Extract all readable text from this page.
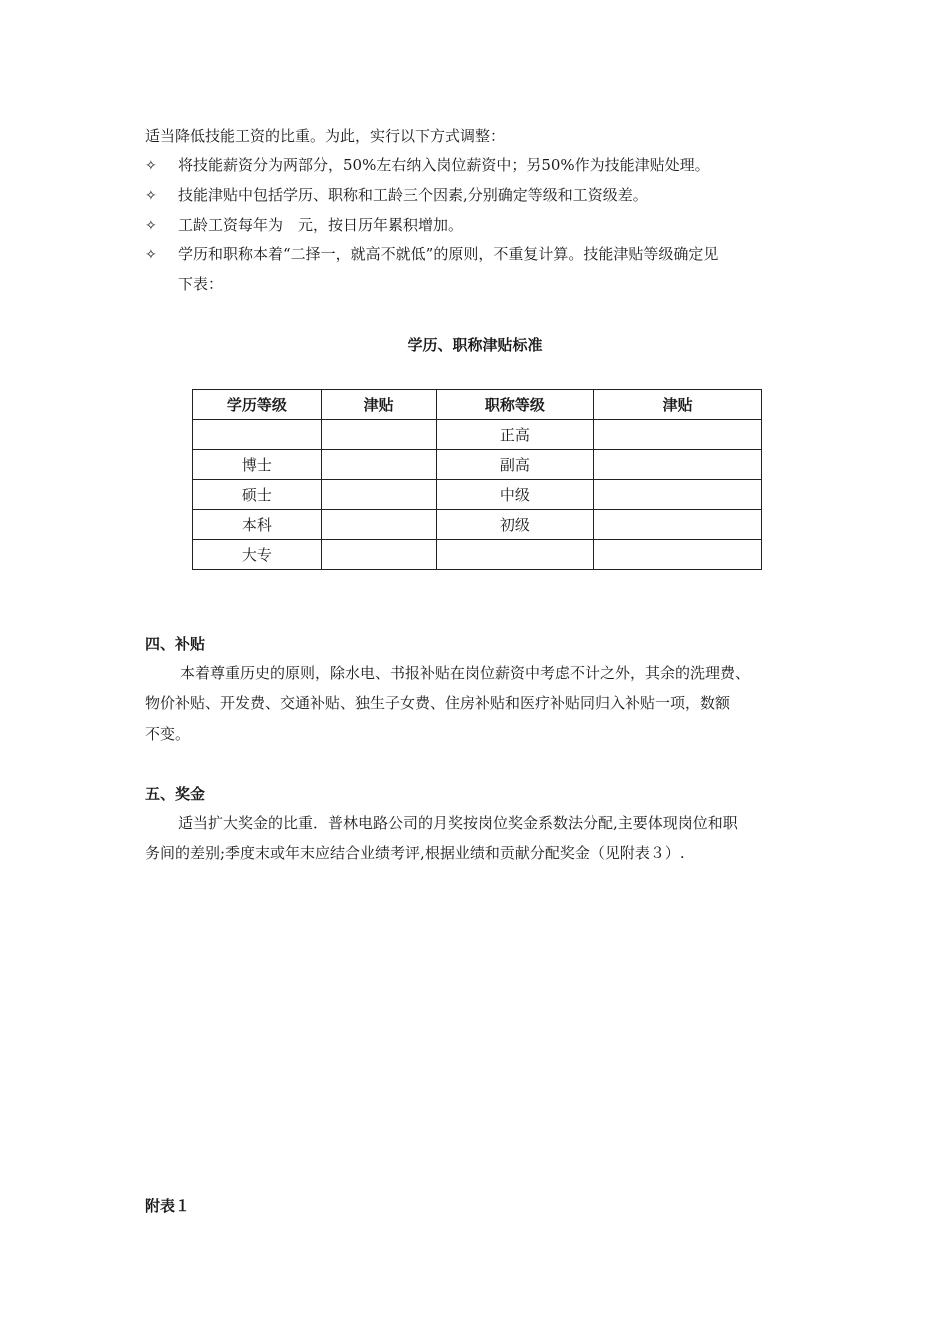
适当降低技能工资的比重。为此，实行以下方式调整：
✧ 将技能薪资分为两部分，50%左右纳入岗位薪资中；另50%作为技能津贴处理。
✧ 技能津贴中包括学历、职称和工龄三个因素,分别确定等级和工资级差。
✧ 工龄工资每年为　元，按日历年累积增加。
✧ 学历和职称本着“二择一，就高不就低”的原则，不重复计算。技能津贴等级确定见
下表：
学历、职称津贴标准
学历等级	津贴	职称等级	津贴
		正高	
博士		副高	
硕士		中级	
本科		初级	
大专			
四、补贴
本着尊重历史的原则，除水电、书报补贴在岗位薪资中考虑不计之外，其余的洗理费、
物价补贴、开发费、交通补贴、独生子女费、住房补贴和医疗补贴同归入补贴一项，数额
不变。
五、奖金
适当扩大奖金的比重．普林电路公司的月奖按岗位奖金系数法分配,主要体现岗位和职
务间的差别;季度末或年末应结合业绩考评,根据业绩和贡献分配奖金（见附表３）.
附表１
